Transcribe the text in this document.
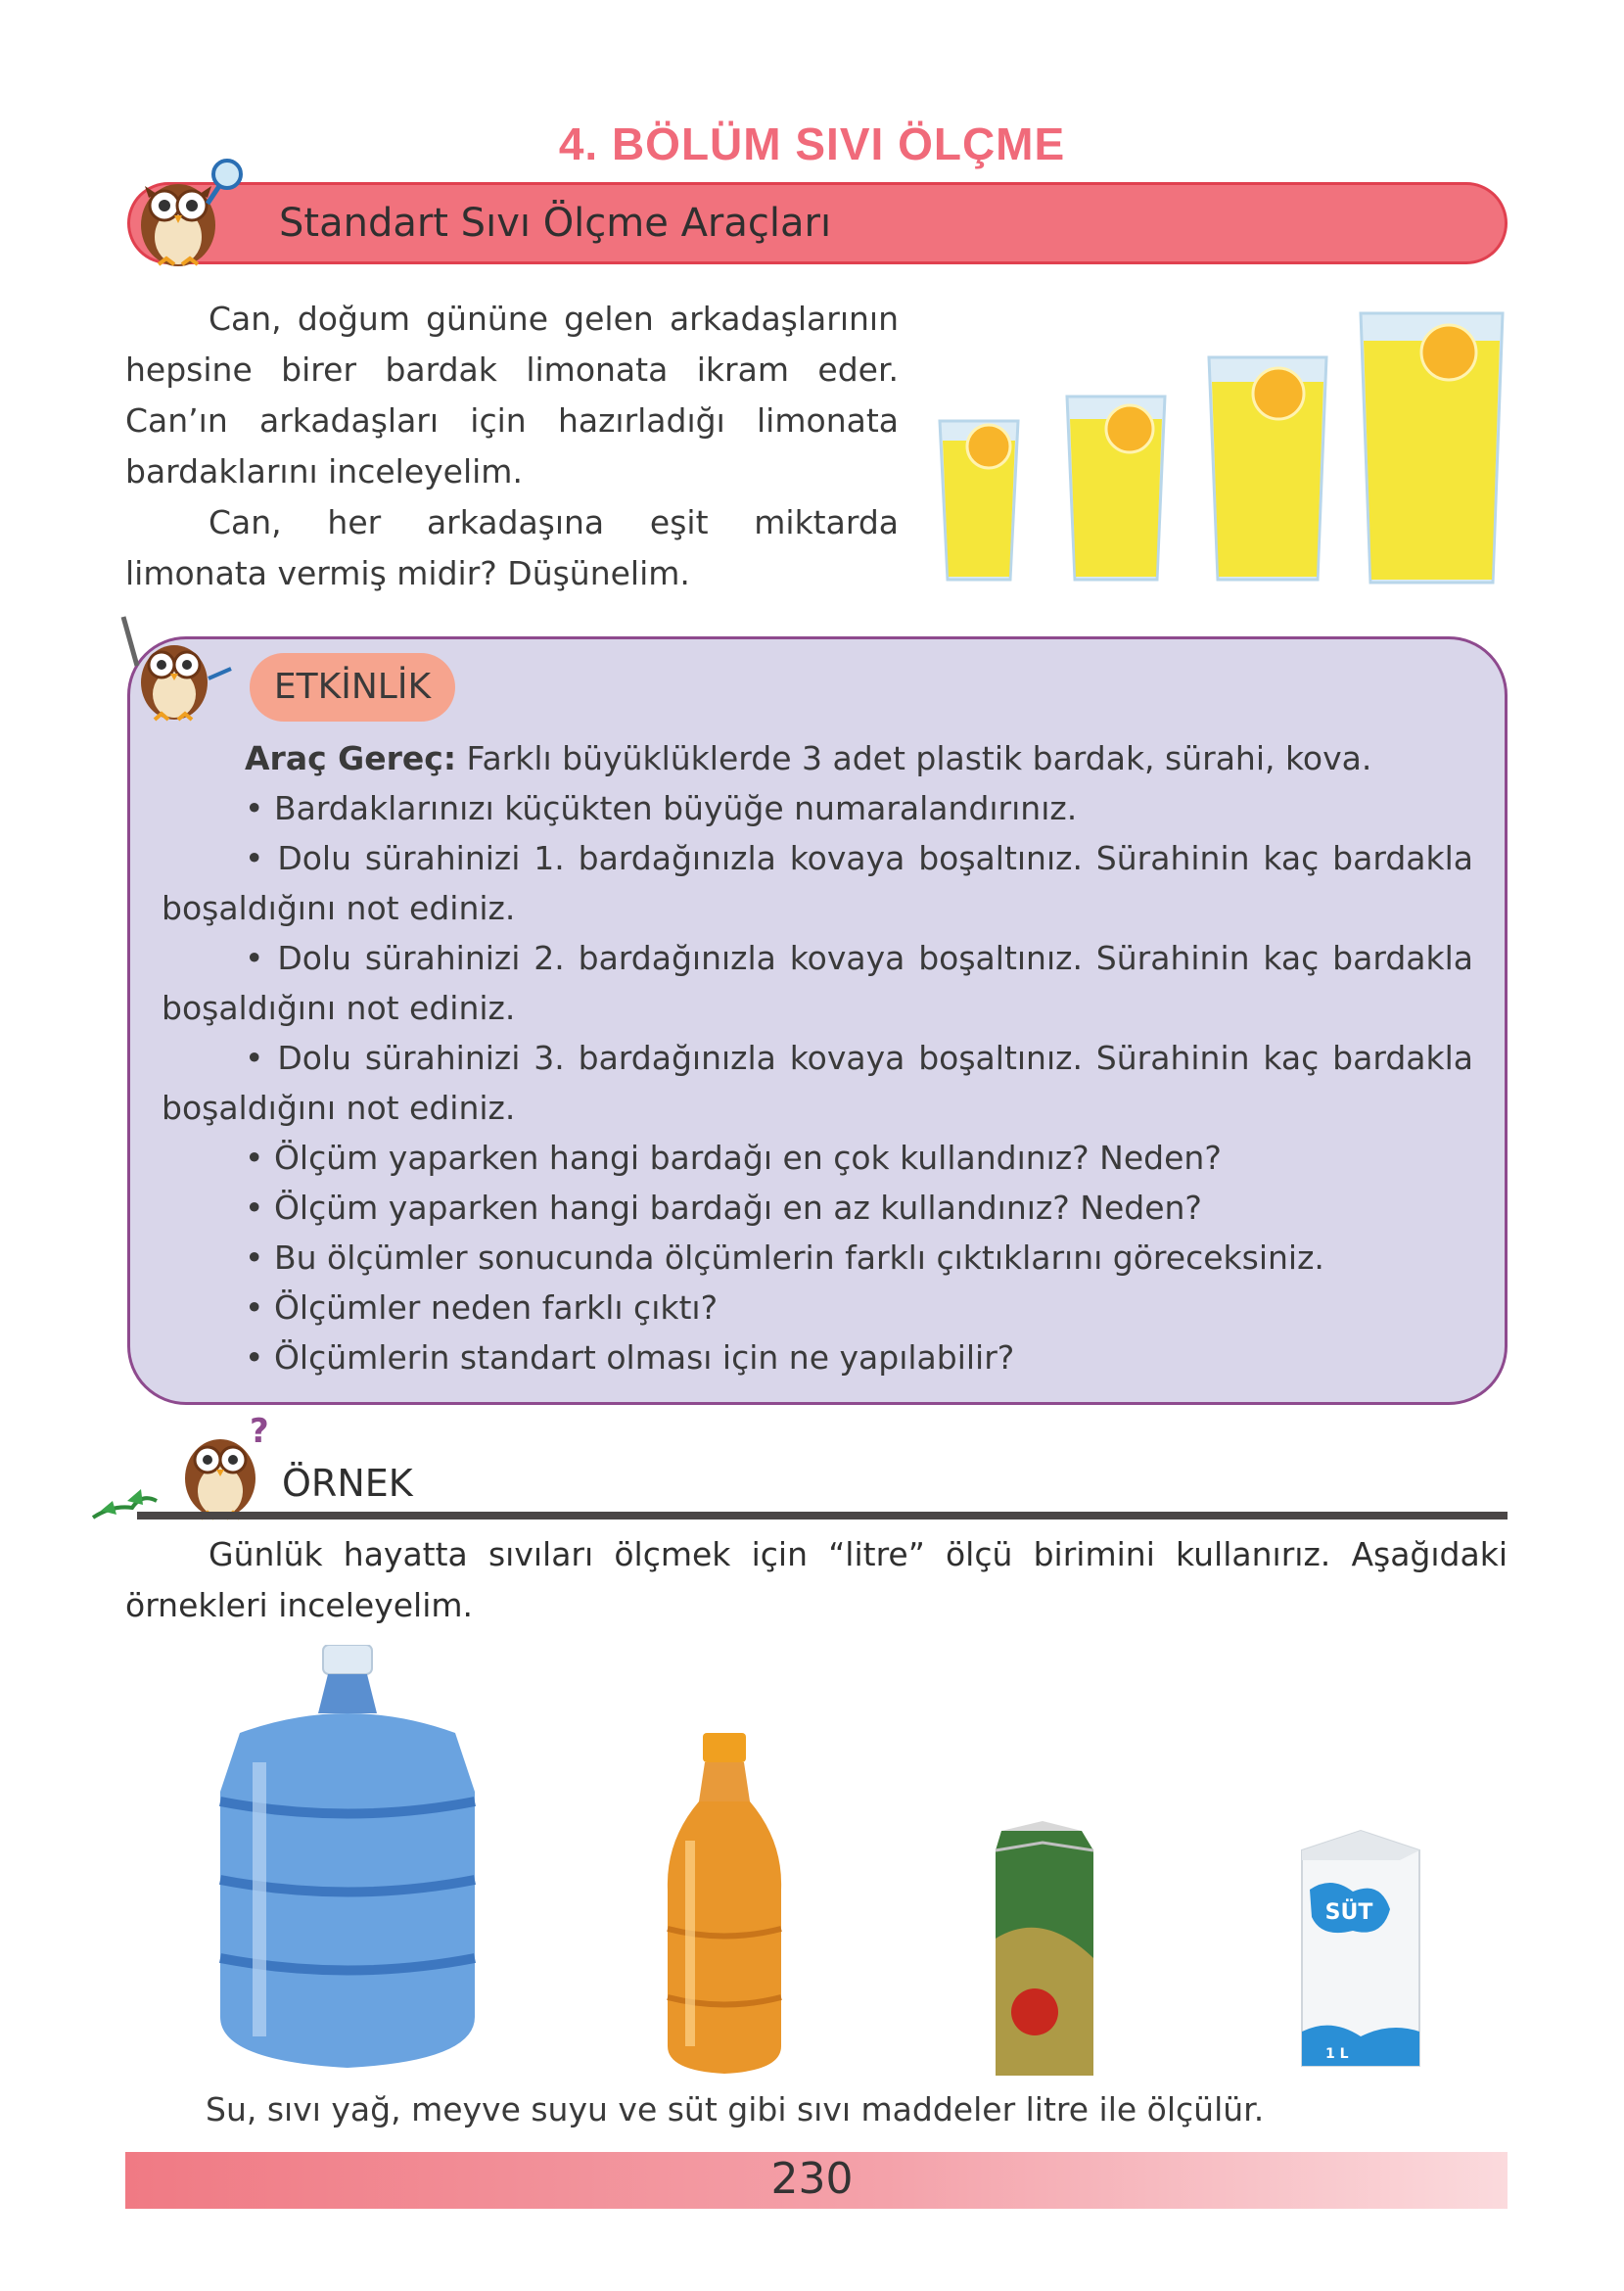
4. BÖLÜM SIVI ÖLÇME
Standart Sıvı Ölçme Araçları
Can, doğum gününe gelen arkadaşlarının hepsine birer bardak limonata ikram eder. Can’ın arkadaşları için hazırladığı limonata bardaklarını inceleyelim.
Can, her arkadaşına eşit miktarda limonata vermiş midir? Düşünelim.
ETKİNLİK
Araç Gereç: Farklı büyüklüklerde 3 adet plastik bardak, sürahi, kova.
• Bardaklarınızı küçükten büyüğe numaralandırınız.
• Dolu sürahinizi 1. bardağınızla kovaya boşaltınız. Sürahinin kaç bardakla
boşaldığını not ediniz.
• Dolu sürahinizi 2. bardağınızla kovaya boşaltınız. Sürahinin kaç bardakla
boşaldığını not ediniz.
• Dolu sürahinizi 3. bardağınızla kovaya boşaltınız. Sürahinin kaç bardakla
boşaldığını not ediniz.
• Ölçüm yaparken hangi bardağı en çok kullandınız? Neden?
• Ölçüm yaparken hangi bardağı en az kullandınız? Neden?
• Bu ölçümler sonucunda ölçümlerin farklı çıktıklarını göreceksiniz.
• Ölçümler neden farklı çıktı?
• Ölçümlerin standart olması için ne yapılabilir?
?
ÖRNEK
Günlük hayatta sıvıları ölçmek için “litre” ölçü birimini kullanırız. Aşağıdaki örnekleri inceleyelim.
SÜT
1 L
Su, sıvı yağ, meyve suyu ve süt gibi sıvı maddeler litre ile ölçülür.
230
